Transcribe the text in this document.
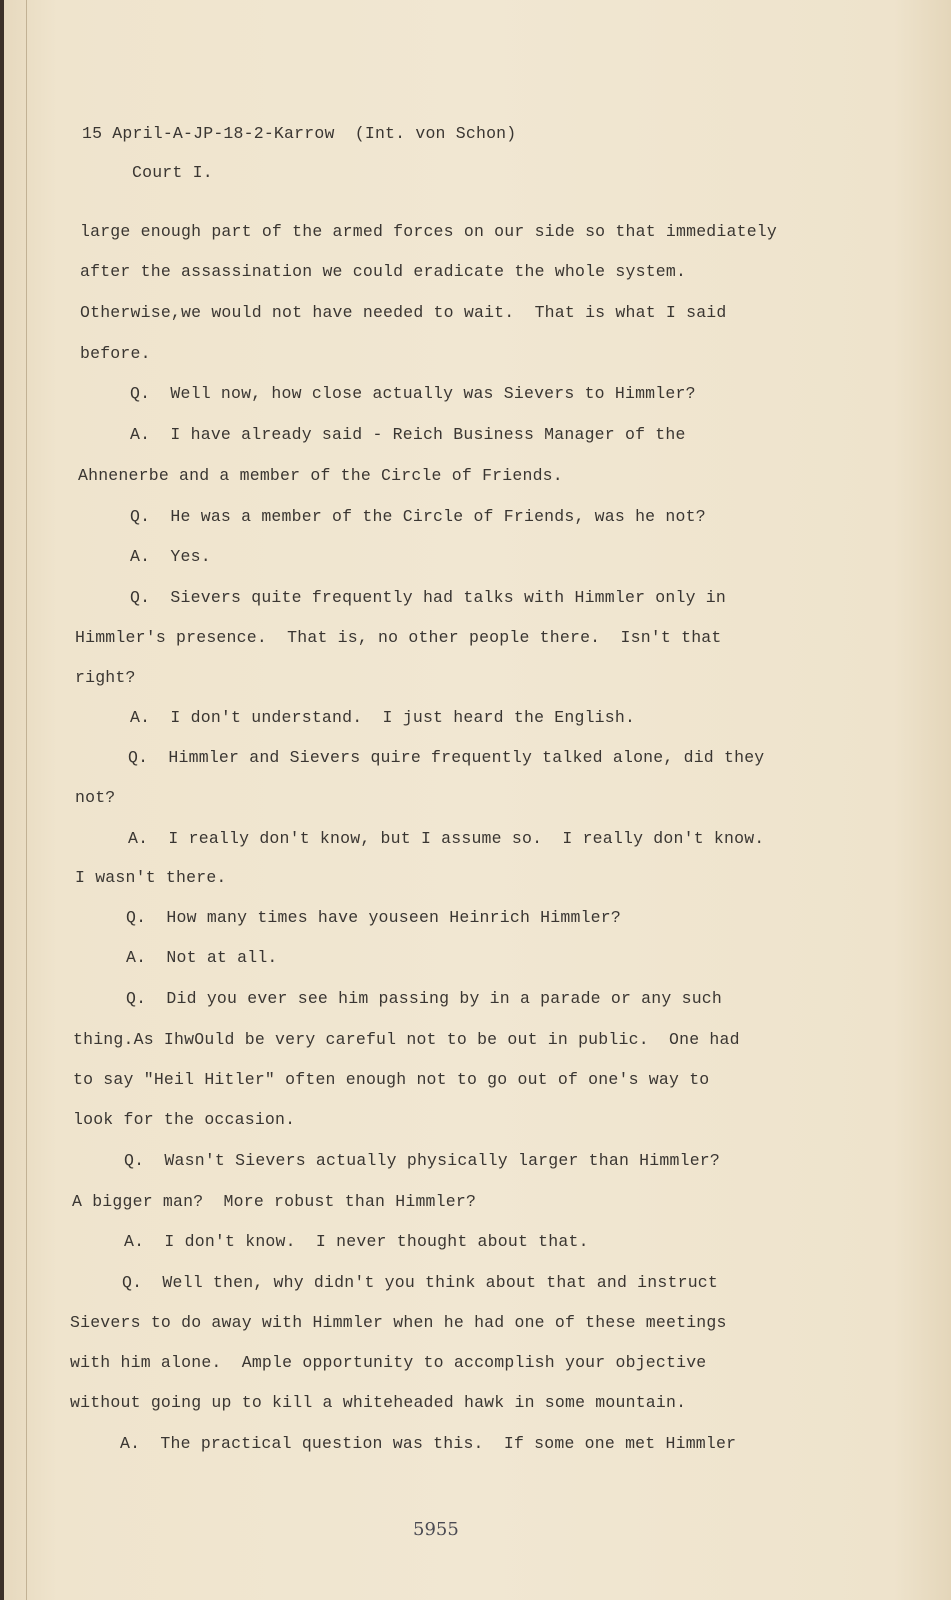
15 April-A-JP-18-2-Karrow  (Int. von Schon)

Court I.

large enough part of the armed forces on our side so that immediately

after the assassination we could eradicate the whole system.

Otherwise,we would not have needed to wait.  That is what I said

before.

Q.  Well now, how close actually was Sievers to Himmler?

A.  I have already said - Reich Business Manager of the

Ahnenerbe and a member of the Circle of Friends.

Q.  He was a member of the Circle of Friends, was he not?

A.  Yes.

Q.  Sievers quite frequently had talks with Himmler only in

Himmler's presence.  That is, no other people there.  Isn't that

right?

A.  I don't understand.  I just heard the English.

Q.  Himmler and Sievers quire frequently talked alone, did they

not?

A.  I really don't know, but I assume so.  I really don't know.

I wasn't there.

Q.  How many times have youseen Heinrich Himmler?

A.  Not at all.

Q.  Did you ever see him passing by in a parade or any such

thing.As IhwOuld be very careful not to be out in public.  One had

to say "Heil Hitler" often enough not to go out of one's way to

look for the occasion.

Q.  Wasn't Sievers actually physically larger than Himmler?

A bigger man?  More robust than Himmler?

A.  I don't know.  I never thought about that.

Q.  Well then, why didn't you think about that and instruct

Sievers to do away with Himmler when he had one of these meetings

with him alone.  Ample opportunity to accomplish your objective

without going up to kill a whiteheaded hawk in some mountain.

A.  The practical question was this.  If some one met Himmler

5955
